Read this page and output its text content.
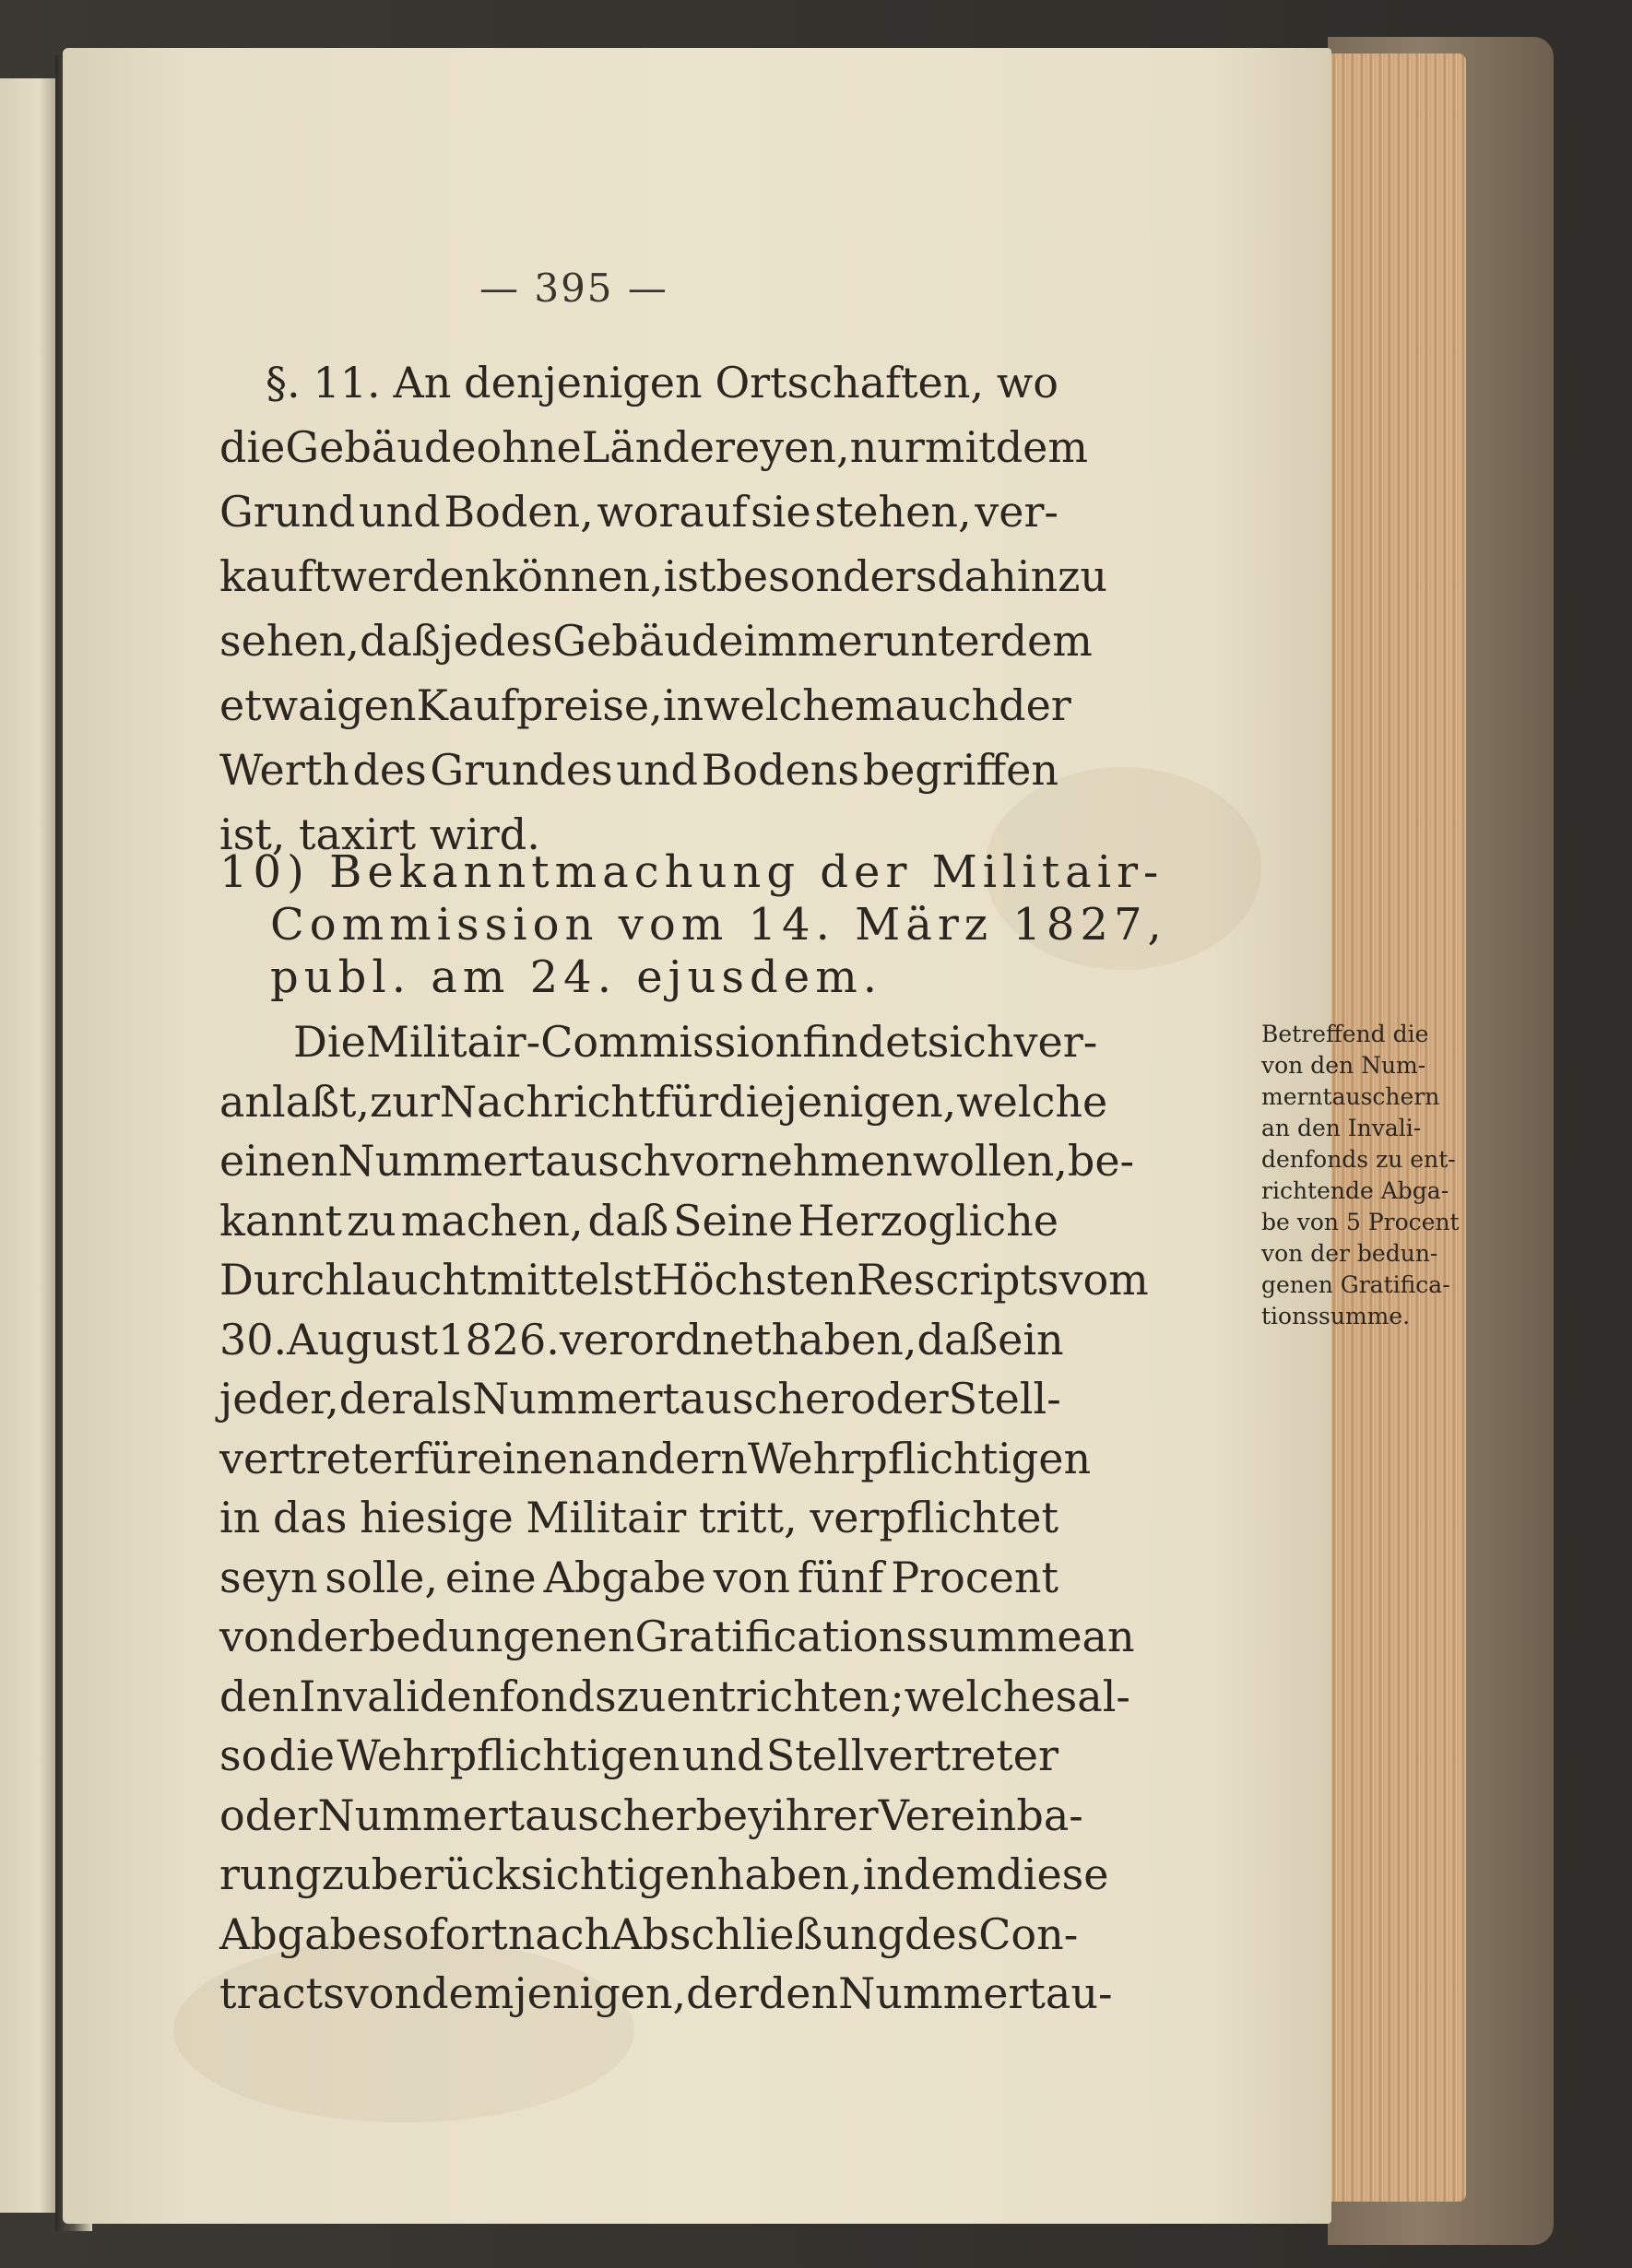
— 395 —
§. 11. An denjenigen Ortschaften, wo
die Gebäude ohne Ländereyen, nur mit dem
Grund und Boden, worauf sie stehen, ver-
kauft werden können, ist besonders dahin zu
sehen, daß jedes Gebäude immer unter dem
etwaigen Kaufpreise, in welchem auch der
Werth des Grundes und Bodens begriffen
ist, taxirt wird.
10) Bekanntmachung der Militair-
Commission vom 14. März 1827,
publ. am 24. ejusdem.
Die Militair-Commission findet sich ver-
anlaßt, zur Nachricht für diejenigen, welche
einen Nummertausch vornehmen wollen, be-
kannt zu machen, daß Seine Herzogliche
Durchlaucht mittelst Höchsten Rescripts vom
30. August 1826. verordnet haben, daß ein
jeder, der als Nummertauscher oder Stell-
vertreter für einen andern Wehrpflichtigen
in das hiesige Militair tritt, verpflichtet
seyn solle, eine Abgabe von fünf Procent
von der bedungenen Gratificationssumme an
den Invalidenfonds zu entrichten; welches al-
so die Wehrpflichtigen und Stellvertreter
oder Nummertauscher bey ihrer Vereinba-
rung zu berücksichtigen haben, indem diese
Abgabe sofort nach Abschließung des Con-
tracts von demjenigen, der den Nummertau-
Betreffend die
von den Num-
merntauschern
an den Invali-
denfonds zu ent-
richtende Abga-
be von 5 Procent
von der bedun-
genen Gratifica-
tionssumme.
